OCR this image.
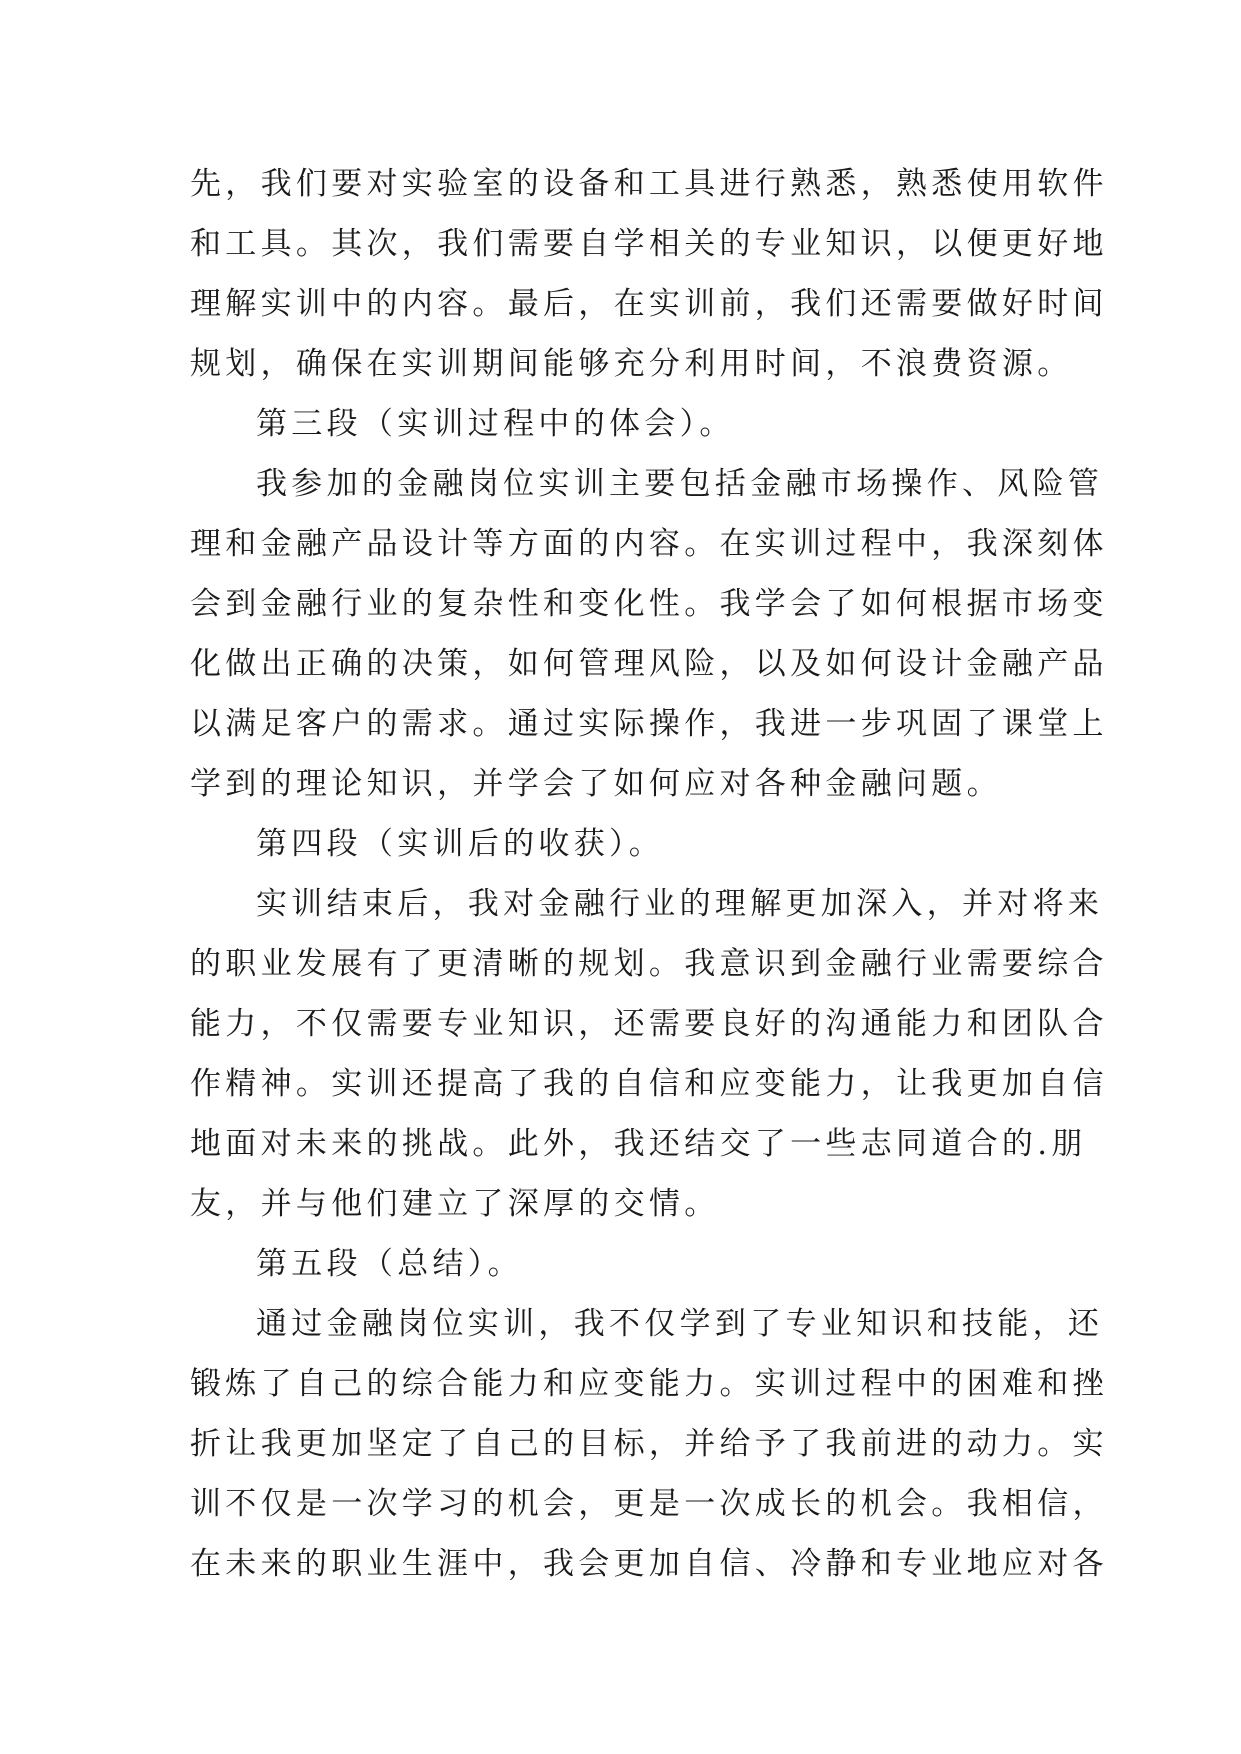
先，我们要对实验室的设备和工具进行熟悉，熟悉使用软件
和工具。其次，我们需要自学相关的专业知识，以便更好地
理解实训中的内容。最后，在实训前，我们还需要做好时间
规划，确保在实训期间能够充分利用时间，不浪费资源。
第三段（实训过程中的体会）。
我参加的金融岗位实训主要包括金融市场操作、风险管
理和金融产品设计等方面的内容。在实训过程中，我深刻体
会到金融行业的复杂性和变化性。我学会了如何根据市场变
化做出正确的决策，如何管理风险，以及如何设计金融产品
以满足客户的需求。通过实际操作，我进一步巩固了课堂上
学到的理论知识，并学会了如何应对各种金融问题。
第四段（实训后的收获）。
实训结束后，我对金融行业的理解更加深入，并对将来
的职业发展有了更清晰的规划。我意识到金融行业需要综合
能力，不仅需要专业知识，还需要良好的沟通能力和团队合
作精神。实训还提高了我的自信和应变能力，让我更加自信
地面对未来的挑战。此外，我还结交了一些志同道合的.朋
友，并与他们建立了深厚的交情。
第五段（总结）。
通过金融岗位实训，我不仅学到了专业知识和技能，还
锻炼了自己的综合能力和应变能力。实训过程中的困难和挫
折让我更加坚定了自己的目标，并给予了我前进的动力。实
训不仅是一次学习的机会，更是一次成长的机会。我相信，
在未来的职业生涯中，我会更加自信、冷静和专业地应对各
